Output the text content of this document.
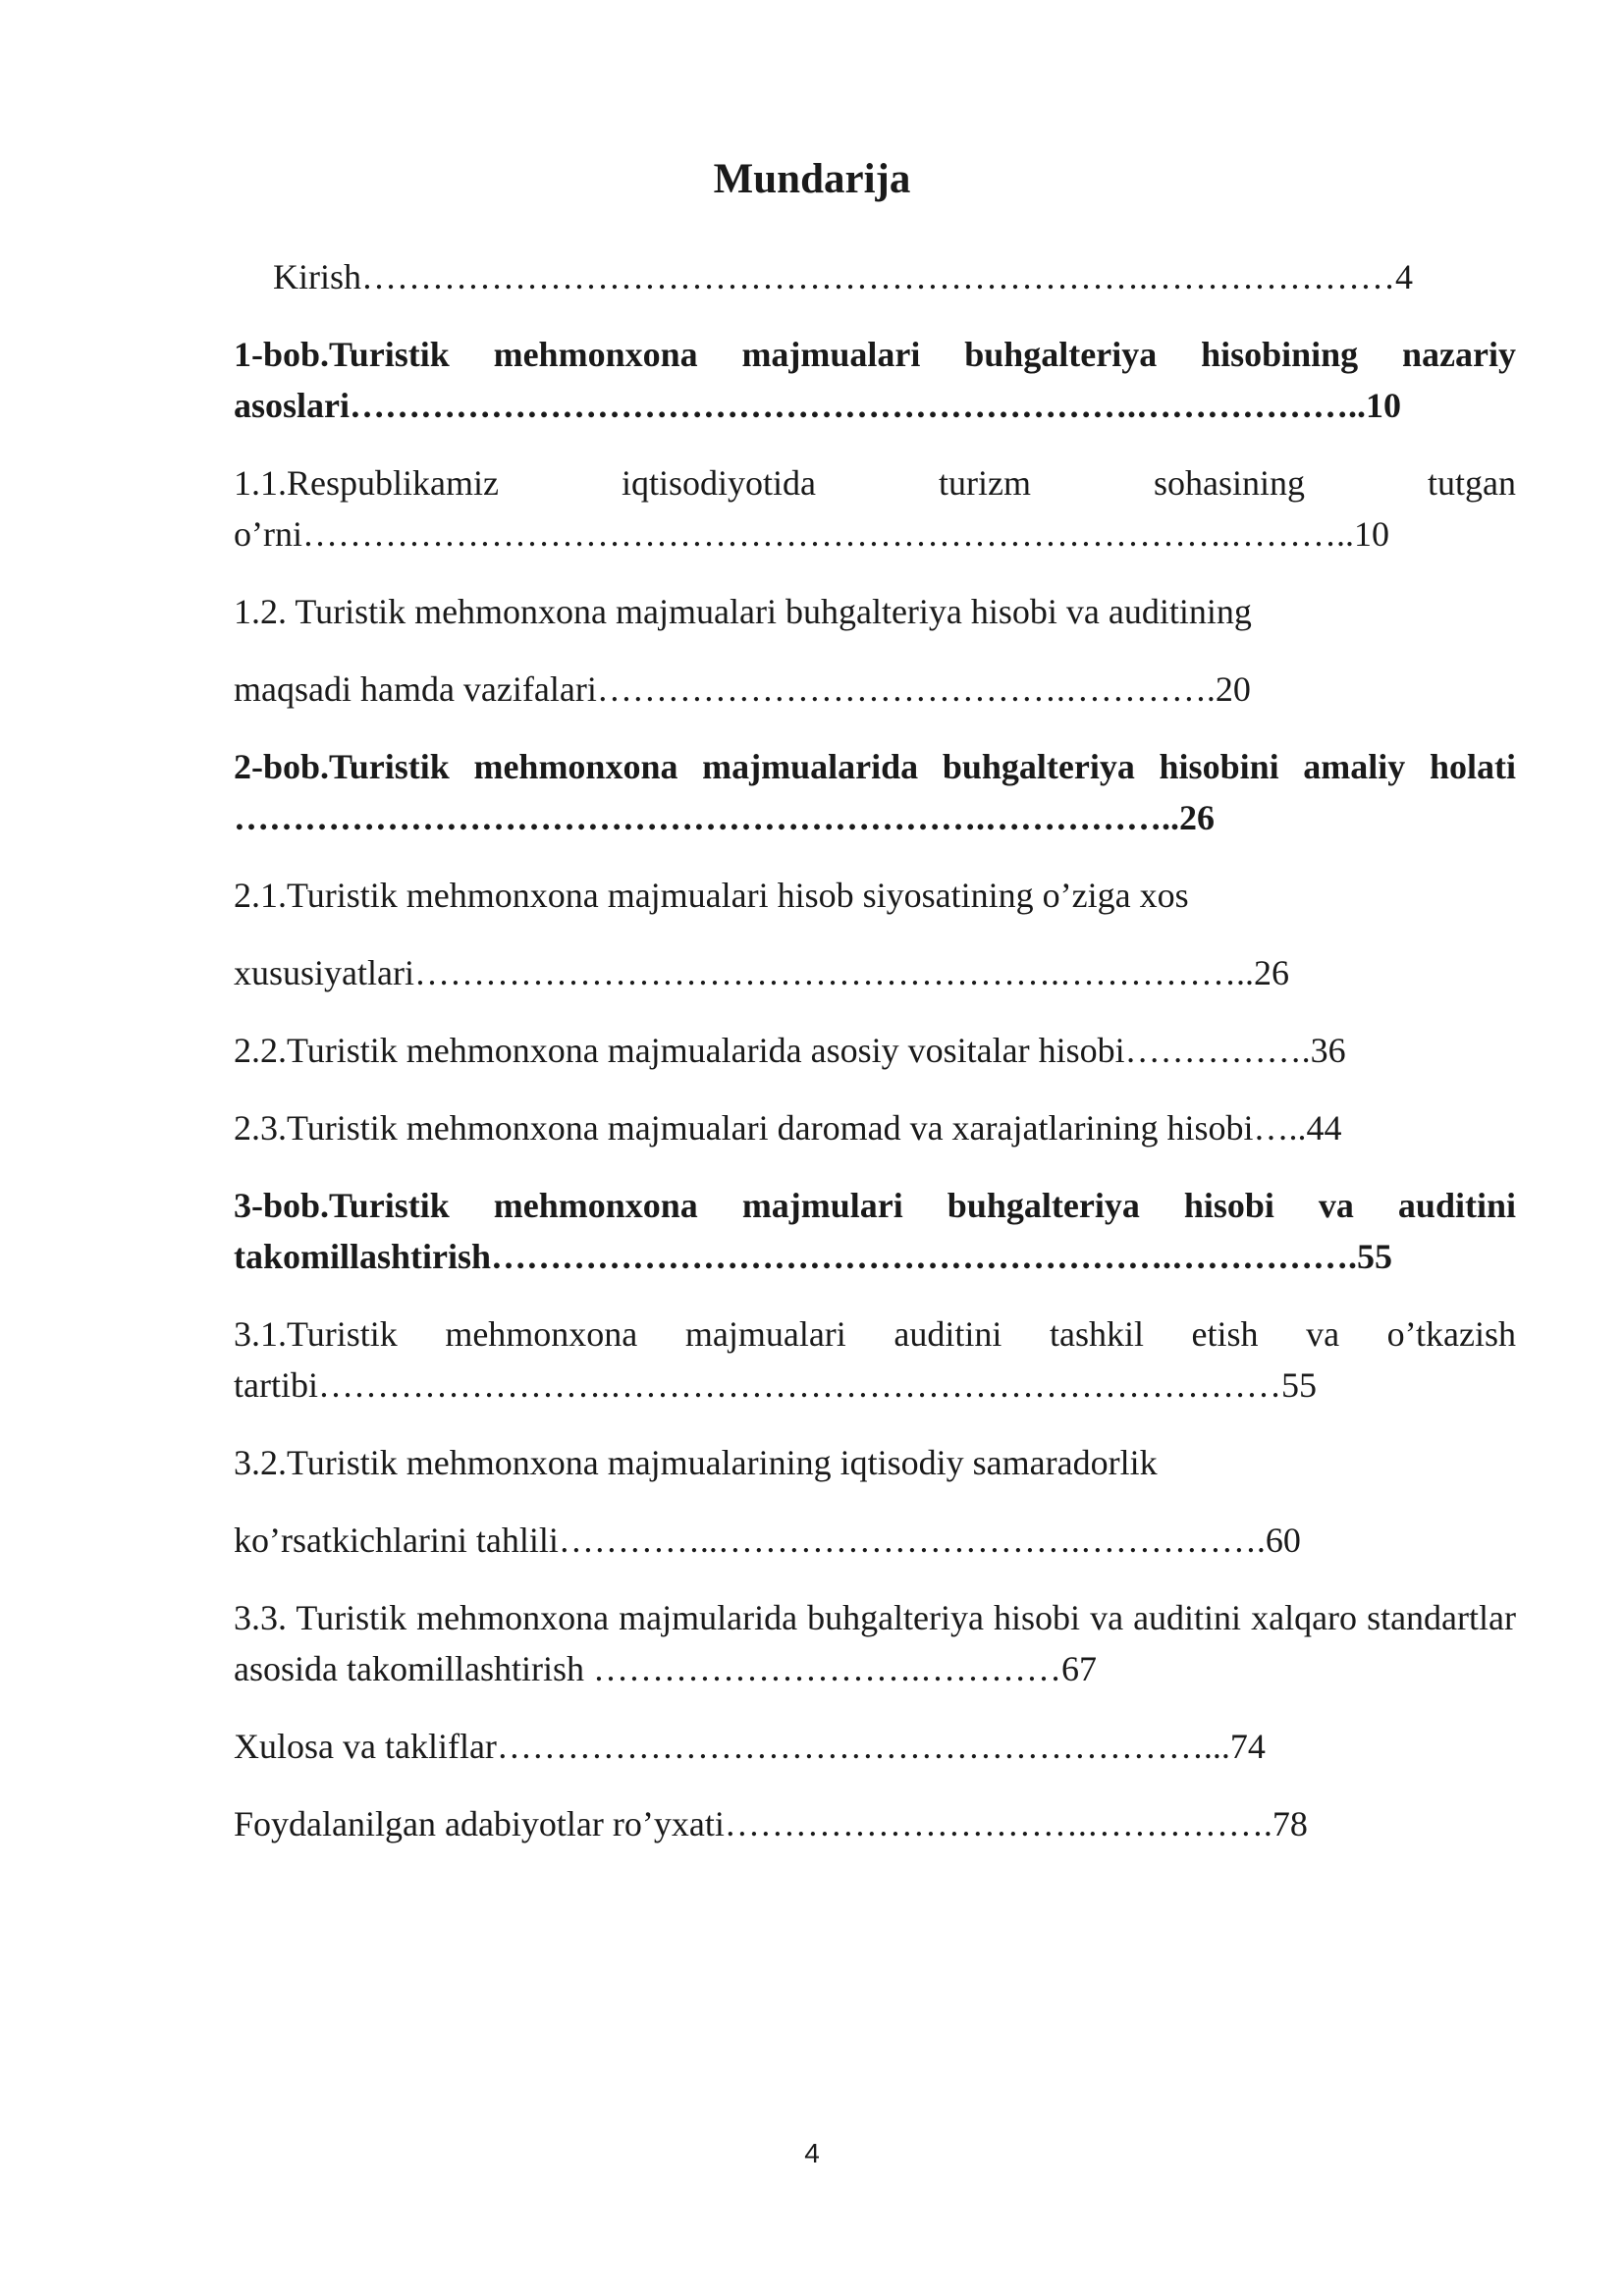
Mundarija
Kirish………………………………………………………….…………………4
1-bob.Turistik mehmonxona majmualari buhgalteriya hisobining nazariy asoslari………………………………………………………….………………..10
1.1.Respublikamiz iqtisodiyotida turizm sohasining tutgan o’rni…………………………………………………………………….………..10
1.2. Turistik mehmonxona majmualari buhgalteriya hisobi va auditining
maqsadi hamda vazifalari………………………………….………….20
2-bob.Turistik mehmonxona majmualarida buhgalteriya hisobini amaliy holati ……………………………………………………….……………..26
2.1.Turistik mehmonxona majmualari hisob siyosatining o’ziga xos
xususiyatlari……………………………………………….……………..26
2.2.Turistik mehmonxona majmualarida asosiy vositalar hisobi…………….36
2.3.Turistik mehmonxona majmualari daromad va xarajatlarining hisobi…..44
3-bob.Turistik mehmonxona majmulari buhgalteriya hisobi va auditini takomillashtirish………………………………………………….…………….55
3.1.Turistik mehmonxona majmualari auditini tashkil etish va o’tkazish tartibi…………………….…………………………………………………55
3.2.Turistik mehmonxona majmualarining iqtisodiy samaradorlik
ko’rsatkichlarini tahlili…………..………………………….…………….60
3.3. Turistik mehmonxona majmularida buhgalteriya hisobi va auditini xalqaro standartlar asosida takomillashtirish ……………………….…………67
Xulosa va takliflar……………………………………………………...74
Foydalanilgan adabiyotlar ro’yxati………………………….…………….78
4
